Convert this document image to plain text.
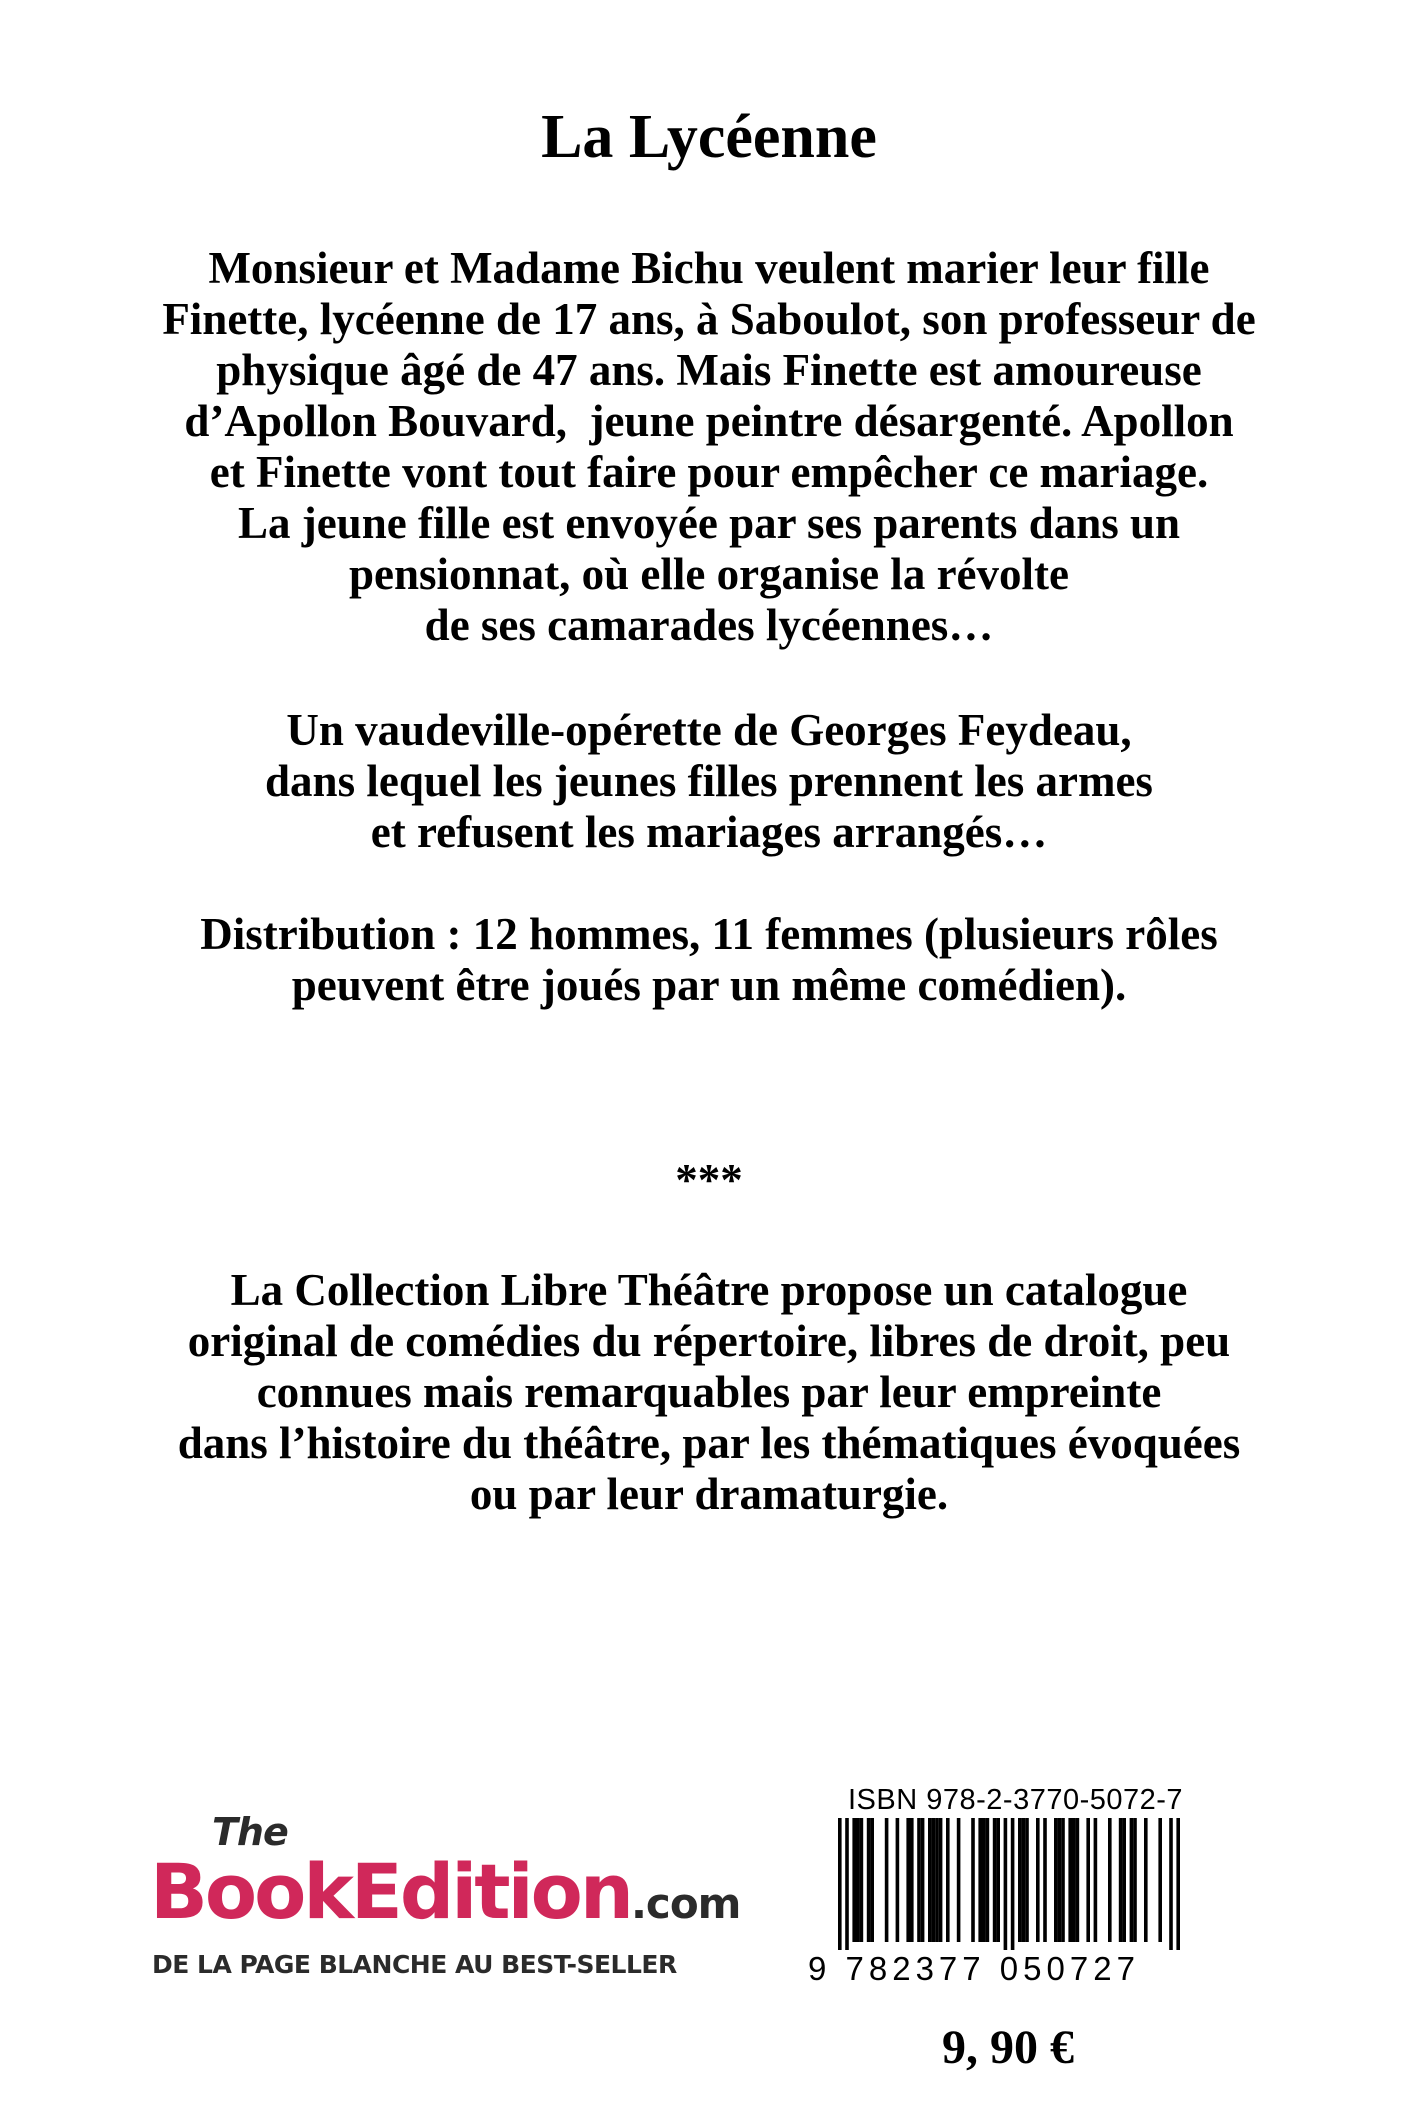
La Lycéenne
Monsieur et Madame Bichu veulent marier leur fille
Finette, lycéenne de 17 ans, à Saboulot, son professeur de
physique âgé de 47 ans. Mais Finette est amoureuse
d’Apollon Bouvard,  jeune peintre désargenté. Apollon
et Finette vont tout faire pour empêcher ce mariage.
La jeune fille est envoyée par ses parents dans un
pensionnat, où elle organise la révolte
de ses camarades lycéennes…
Un vaudeville-opérette de Georges Feydeau,
dans lequel les jeunes filles prennent les armes
et refusent les mariages arrangés…
Distribution : 12 hommes, 11 femmes (plusieurs rôles
peuvent être joués par un même comédien).
***
La Collection Libre Théâtre propose un catalogue
original de comédies du répertoire, libres de droit, peu
connues mais remarquables par leur empreinte
dans l’histoire du théâtre, par les thématiques évoquées
ou par leur dramaturgie.
The
BookEdition.com
DE LA PAGE BLANCHE AU BEST-SELLER
ISBN 978-2-3770-5072-7
9 782377 050727
9, 90 €
